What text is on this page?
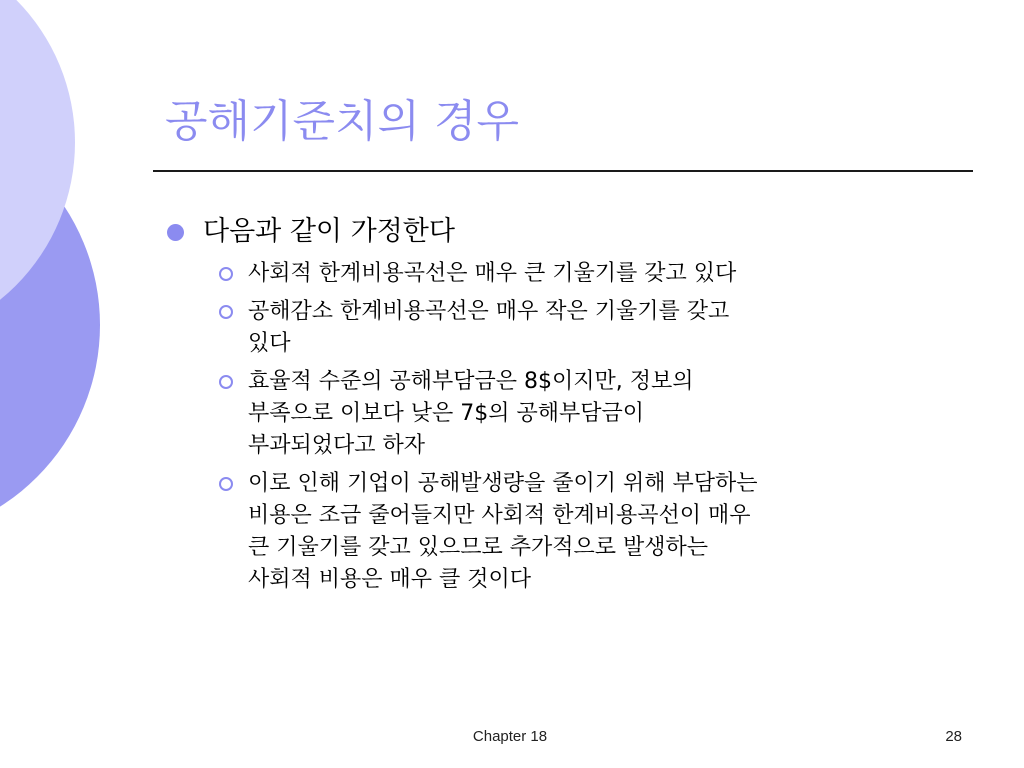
공해기준치의 경우
다음과 같이 가정한다
사회적 한계비용곡선은 매우 큰 기울기를 갖고 있다
공해감소 한계비용곡선은 매우 작은 기울기를 갖고
있다
효율적 수준의 공해부담금은 8$이지만, 정보의
부족으로 이보다 낮은 7$의 공해부담금이
부과되었다고 하자
이로 인해 기업이 공해발생량을 줄이기 위해 부담하는
비용은 조금 줄어들지만 사회적 한계비용곡선이 매우
큰 기울기를 갖고 있으므로 추가적으로 발생하는
사회적 비용은 매우 클 것이다
Chapter 18	28
